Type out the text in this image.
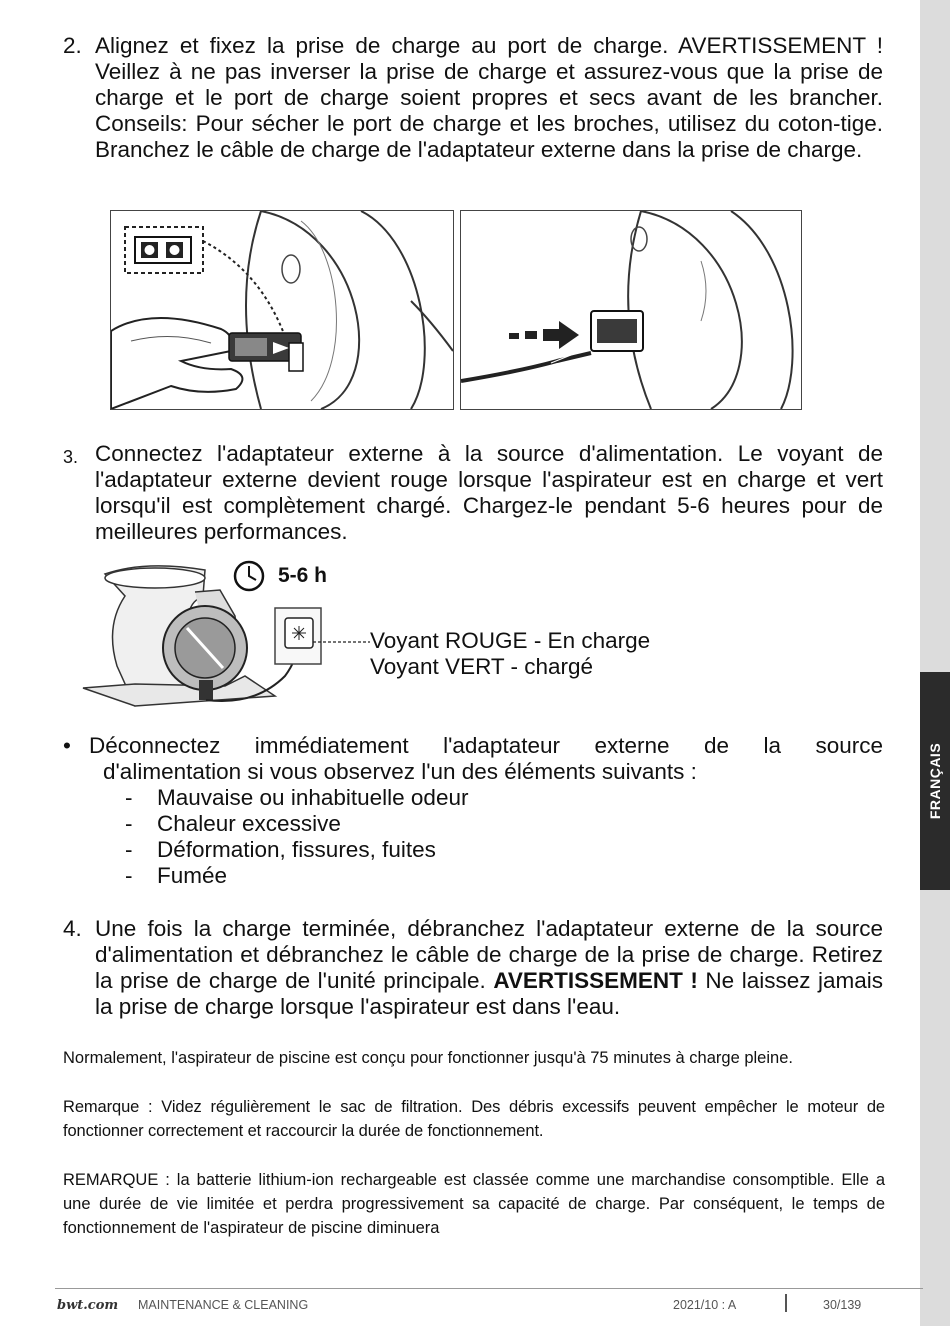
FRANÇAIS
2. Alignez et fixez la prise de charge au port de charge. AVERTISSEMENT ! Veillez à ne pas inverser la prise de charge et assurez-vous que la prise de charge et le port de charge soient propres et secs avant de les brancher. Conseils: Pour sécher le port de charge et les broches, utilisez du coton-tige. Branchez le câble de charge de l'adaptateur externe dans la prise de charge.
3. Connectez l'adaptateur externe à la source d'alimentation. Le voyant de l'adaptateur externe devient rouge lorsque l'aspirateur est en charge et vert lorsqu'il est complètement chargé. Chargez-le pendant 5-6 heures pour de meilleures performances.
5-6 h
Voyant ROUGE - En charge
Voyant VERT - chargé
• Déconnectez immédiatement l'adaptateur externe de la source
d'alimentation si vous observez l'un des éléments suivants :
- Mauvaise ou inhabituelle odeur
- Chaleur excessive
- Déformation, fissures, fuites
- Fumée
4. Une fois la charge terminée, débranchez l'adaptateur externe de la source d'alimentation et débranchez le câble de charge de la prise de charge. Retirez la prise de charge de l'unité principale. AVERTISSEMENT ! Ne laissez jamais la prise de charge lorsque l'aspirateur est dans l'eau.
Normalement, l'aspirateur de piscine est conçu pour fonctionner jusqu'à 75 minutes à charge pleine.
Remarque : Videz régulièrement le sac de filtration. Des débris excessifs peuvent empêcher le moteur de fonctionner correctement et raccourcir la durée de fonctionnement.
REMARQUE : la batterie lithium-ion rechargeable est classée comme une marchandise consomptible. Elle a une durée de vie limitée et perdra progressivement sa capacité de charge. Par conséquent, le temps de fonctionnement de l'aspirateur de piscine diminuera
bwt.com MAINTENANCE & CLEANING	2021/10 : A	30/139
